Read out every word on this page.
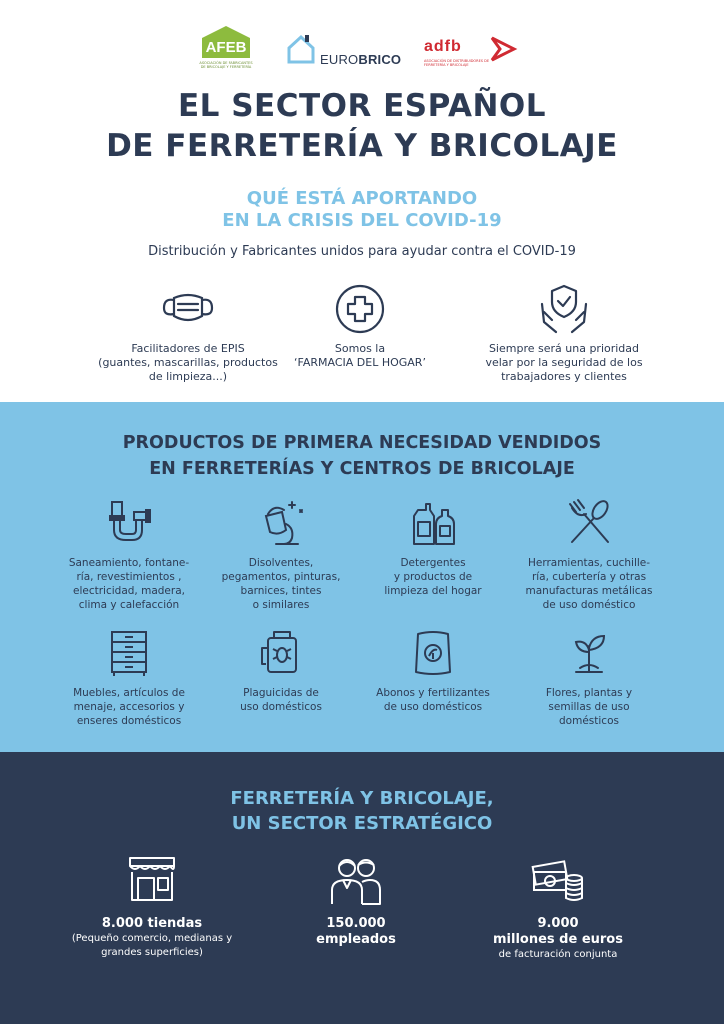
AFEB
ASOCIACIÓN DE FABRICANTES DE BRICOLAJE Y FERRETERÍA	EUROBRICO
adfb
ASOCIACIÓN DE DISTRIBUIDORES DE FERRETERÍA Y BRICOLAJE
EL SECTOR ESPAÑOL
DE FERRETERÍA Y BRICOLAJE
QUÉ ESTÁ APORTANDO
EN LA CRISIS DEL COVID-19
Distribución y Fabricantes unidos para ayudar contra el COVID-19
Facilitadores de EPIS
(guantes, mascarillas, productos
de limpieza...)
Somos la
‘FARMACIA DEL HOGAR’
Siempre será una prioridad
velar por la seguridad de los
trabajadores y clientes
PRODUCTOS DE PRIMERA NECESIDAD VENDIDOS
EN FERRETERÍAS Y CENTROS DE BRICOLAJE
Saneamiento, fontane-
ría, revestimientos ,
electricidad, madera,
clima y calefacción
Disolventes,
pegamentos, pinturas,
barnices, tintes
o similares
Detergentes
y productos de
limpieza del hogar
Herramientas, cuchille-
ría, cubertería y otras
manufacturas metálicas
de uso doméstico
Muebles, artículos de
menaje, accesorios y
enseres domésticos
Plaguicidas de
uso domésticos
Abonos y fertilizantes
de uso domésticos
Flores, plantas y
semillas de uso
domésticos
FERRETERÍA Y BRICOLAJE,
UN SECTOR ESTRATÉGICO
8.000 tiendas
(Pequeño comercio, medianas y
grandes superficies)
150.000
empleados
9.000
millones de euros
de facturación conjunta
